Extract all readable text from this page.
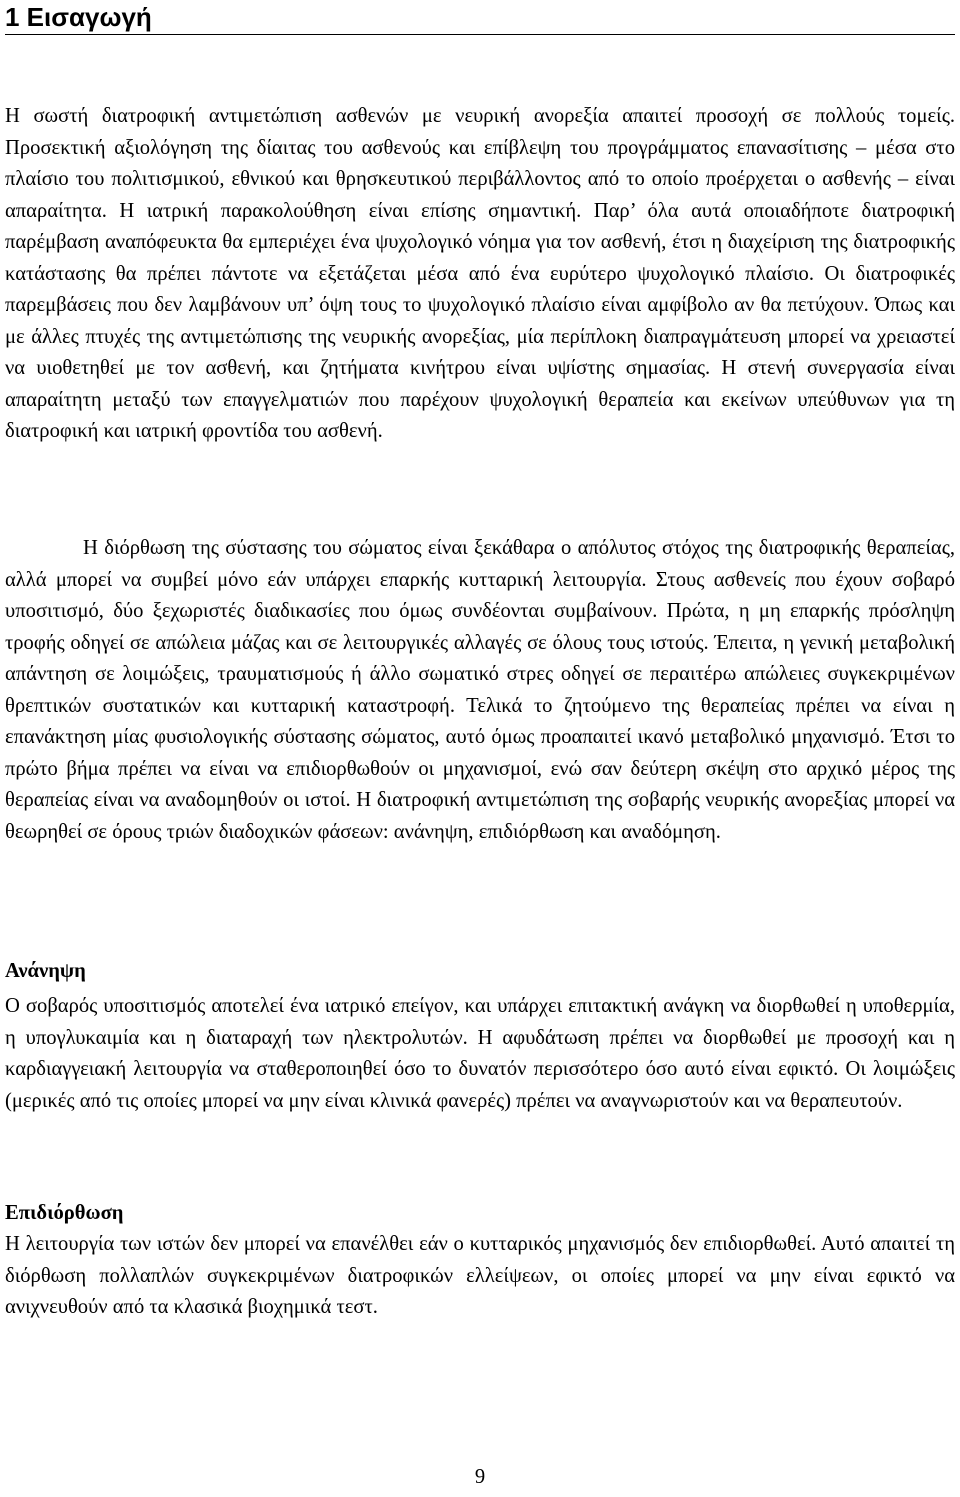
1 Εισαγωγή

Η σωστή διατροφική αντιμετώπιση ασθενών με νευρική ανορεξία απαιτεί προσοχή σε πολλούς τομείς. Προσεκτική αξιολόγηση της δίαιτας του ασθενούς και επίβλεψη του προγράμματος επανασίτισης – μέσα στο πλαίσιο του πολιτισμικού, εθνικού και θρησκευτικού περιβάλλοντος από το οποίο προέρχεται ο ασθενής – είναι απαραίτητα. Η ιατρική παρακολούθηση είναι επίσης σημαντική. Παρ’ όλα αυτά οποιαδήποτε διατροφική παρέμβαση αναπόφευκτα θα εμπεριέχει ένα ψυχολογικό νόημα για τον ασθενή, έτσι η διαχείριση της διατροφικής κατάστασης θα πρέπει πάντοτε να εξετάζεται μέσα από ένα ευρύτερο ψυχολογικό πλαίσιο. Οι διατροφικές παρεμβάσεις που δεν λαμβάνουν υπ’ όψη τους το ψυχολογικό πλαίσιο είναι αμφίβολο αν θα πετύχουν. Όπως και με άλλες πτυχές της αντιμετώπισης της νευρικής ανορεξίας, μία περίπλοκη διαπραγμάτευση μπορεί να χρειαστεί να υιοθετηθεί με τον ασθενή, και ζητήματα κινήτρου είναι υψίστης σημασίας. Η στενή συνεργασία είναι απαραίτητη μεταξύ των επαγγελματιών που παρέχουν ψυχολογική θεραπεία και εκείνων υπεύθυνων για τη διατροφική και ιατρική φροντίδα του ασθενή.

Η διόρθωση της σύστασης του σώματος είναι ξεκάθαρα ο απόλυτος στόχος της διατροφικής θεραπείας, αλλά μπορεί να συμβεί μόνο εάν υπάρχει επαρκής κυτταρική λειτουργία. Στους ασθενείς που έχουν σοβαρό υποσιτισμό, δύο ξεχωριστές διαδικασίες που όμως συνδέονται συμβαίνουν. Πρώτα, η μη επαρκής πρόσληψη τροφής οδηγεί σε απώλεια μάζας και σε λειτουργικές αλλαγές σε όλους τους ιστούς. Έπειτα, η γενική μεταβολική απάντηση σε λοιμώξεις, τραυματισμούς ή άλλο σωματικό στρες οδηγεί σε περαιτέρω απώλειες συγκεκριμένων θρεπτικών συστατικών και κυτταρική καταστροφή. Τελικά το ζητούμενο της θεραπείας πρέπει να είναι η επανάκτηση μίας φυσιολογικής σύστασης σώματος, αυτό όμως προαπαιτεί ικανό μεταβολικό μηχανισμό. Έτσι το πρώτο βήμα πρέπει να είναι να επιδιορθωθούν οι μηχανισμοί, ενώ σαν δεύτερη σκέψη στο αρχικό μέρος της θεραπείας είναι να αναδομηθούν οι ιστοί. Η διατροφική αντιμετώπιση της σοβαρής νευρικής ανορεξίας μπορεί να θεωρηθεί σε όρους τριών διαδοχικών φάσεων: ανάνηψη, επιδιόρθωση και αναδόμηση.

Ανάνηψη

Ο σοβαρός υποσιτισμός αποτελεί ένα ιατρικό επείγον, και υπάρχει επιτακτική ανάγκη να διορθωθεί η υποθερμία, η υπογλυκαιμία και η διαταραχή των ηλεκτρολυτών. Η αφυδάτωση πρέπει να διορθωθεί με προσοχή και η καρδιαγγειακή λειτουργία να σταθεροποιηθεί όσο το δυνατόν περισσότερο όσο αυτό είναι εφικτό. Οι λοιμώξεις (μερικές από τις οποίες μπορεί να μην είναι κλινικά φανερές) πρέπει να αναγνωριστούν και να θεραπευτούν.

Επιδιόρθωση

Η λειτουργία των ιστών δεν μπορεί να επανέλθει εάν ο κυτταρικός μηχανισμός δεν επιδιορθωθεί. Αυτό απαιτεί τη διόρθωση πολλαπλών συγκεκριμένων διατροφικών ελλείψεων, οι οποίες μπορεί να μην είναι εφικτό να ανιχνευθούν από τα κλασικά βιοχημικά τεστ.

9
